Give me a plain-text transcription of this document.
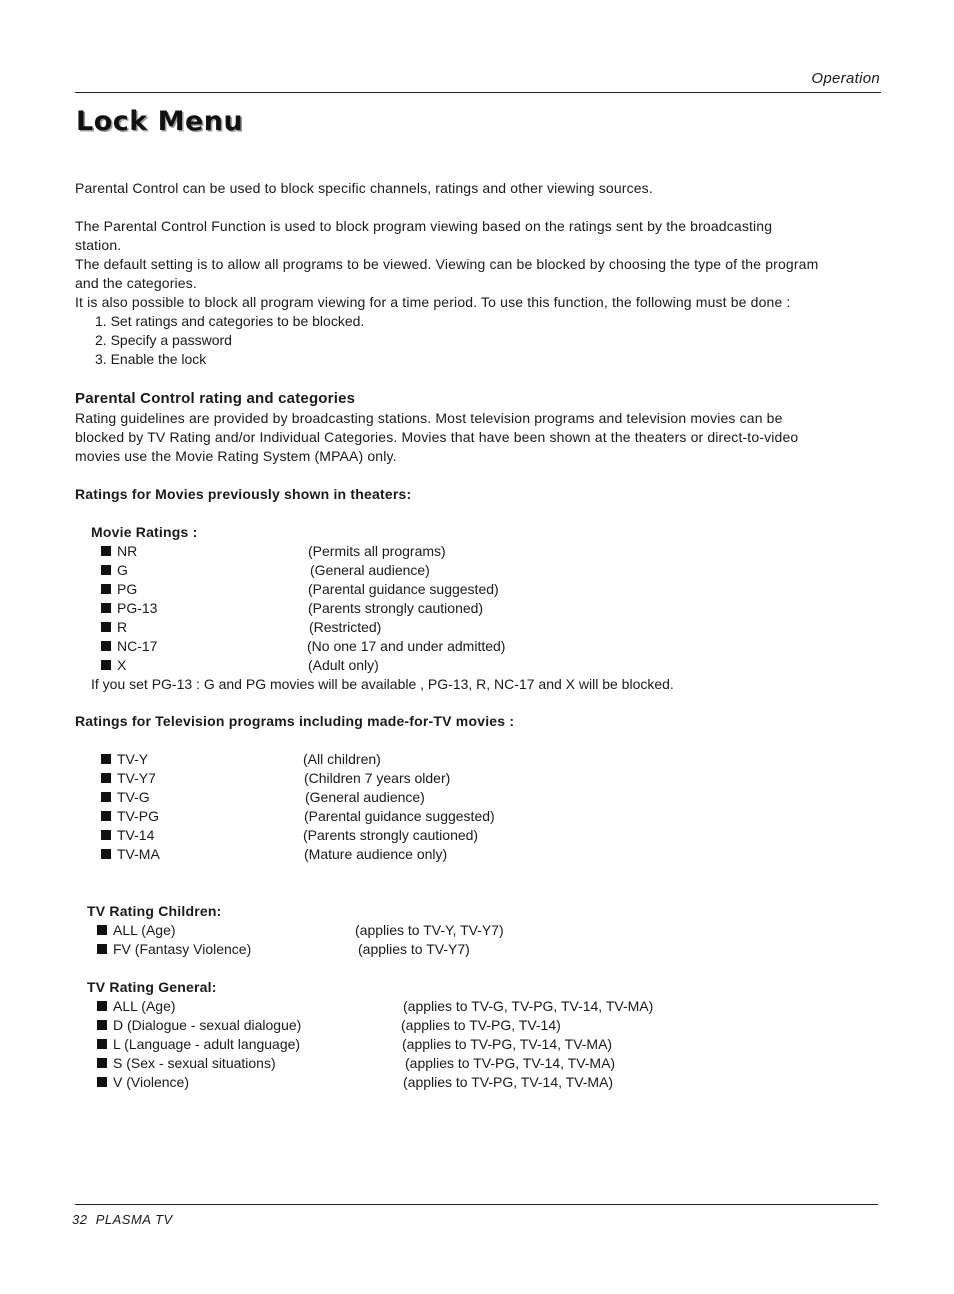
Operation
Lock Menu
Parental Control can be used to block specific channels, ratings and other viewing sources.
The Parental Control Function is used to block program viewing based on the ratings sent by the broadcasting
station.
The default setting is to allow all programs to be viewed. Viewing can be blocked by choosing the type of the program
and the categories.
It is also possible to block all program viewing for a time period. To use this function, the following must be done :
1. Set ratings and categories to be blocked.
2. Specify a password
3. Enable the lock
Parental Control rating and categories
Rating guidelines are provided by broadcasting stations. Most television programs and television movies can be
blocked by TV Rating and/or Individual Categories. Movies that have been shown at the theaters or direct-to-video
movies use the Movie Rating System (MPAA) only.
Ratings for Movies previously shown in theaters:
Movie Ratings :
NR	(Permits all programs)
G	(General audience)
PG	(Parental guidance suggested)
PG-13	(Parents strongly cautioned)
R	(Restricted)
NC-17	(No one 17 and under admitted)
X	(Adult only)
If you set PG-13 : G and PG movies will be available , PG-13, R, NC-17 and X will be blocked.
Ratings for Television programs including made-for-TV movies :
TV-Y	(All children)
TV-Y7	(Children 7 years older)
TV-G	(General audience)
TV-PG	(Parental guidance suggested)
TV-14	(Parents strongly cautioned)
TV-MA	(Mature audience only)
TV Rating Children:
ALL (Age)	(applies to TV-Y, TV-Y7)
FV (Fantasy Violence)	(applies to TV-Y7)
TV Rating General:
ALL (Age)	(applies to TV-G, TV-PG, TV-14, TV-MA)
D (Dialogue - sexual dialogue)	(applies to TV-PG, TV-14)
L (Language - adult language)	(applies to TV-PG, TV-14, TV-MA)
S (Sex - sexual situations)	(applies to TV-PG, TV-14, TV-MA)
V (Violence)	(applies to TV-PG, TV-14, TV-MA)
32 PLASMA TV
